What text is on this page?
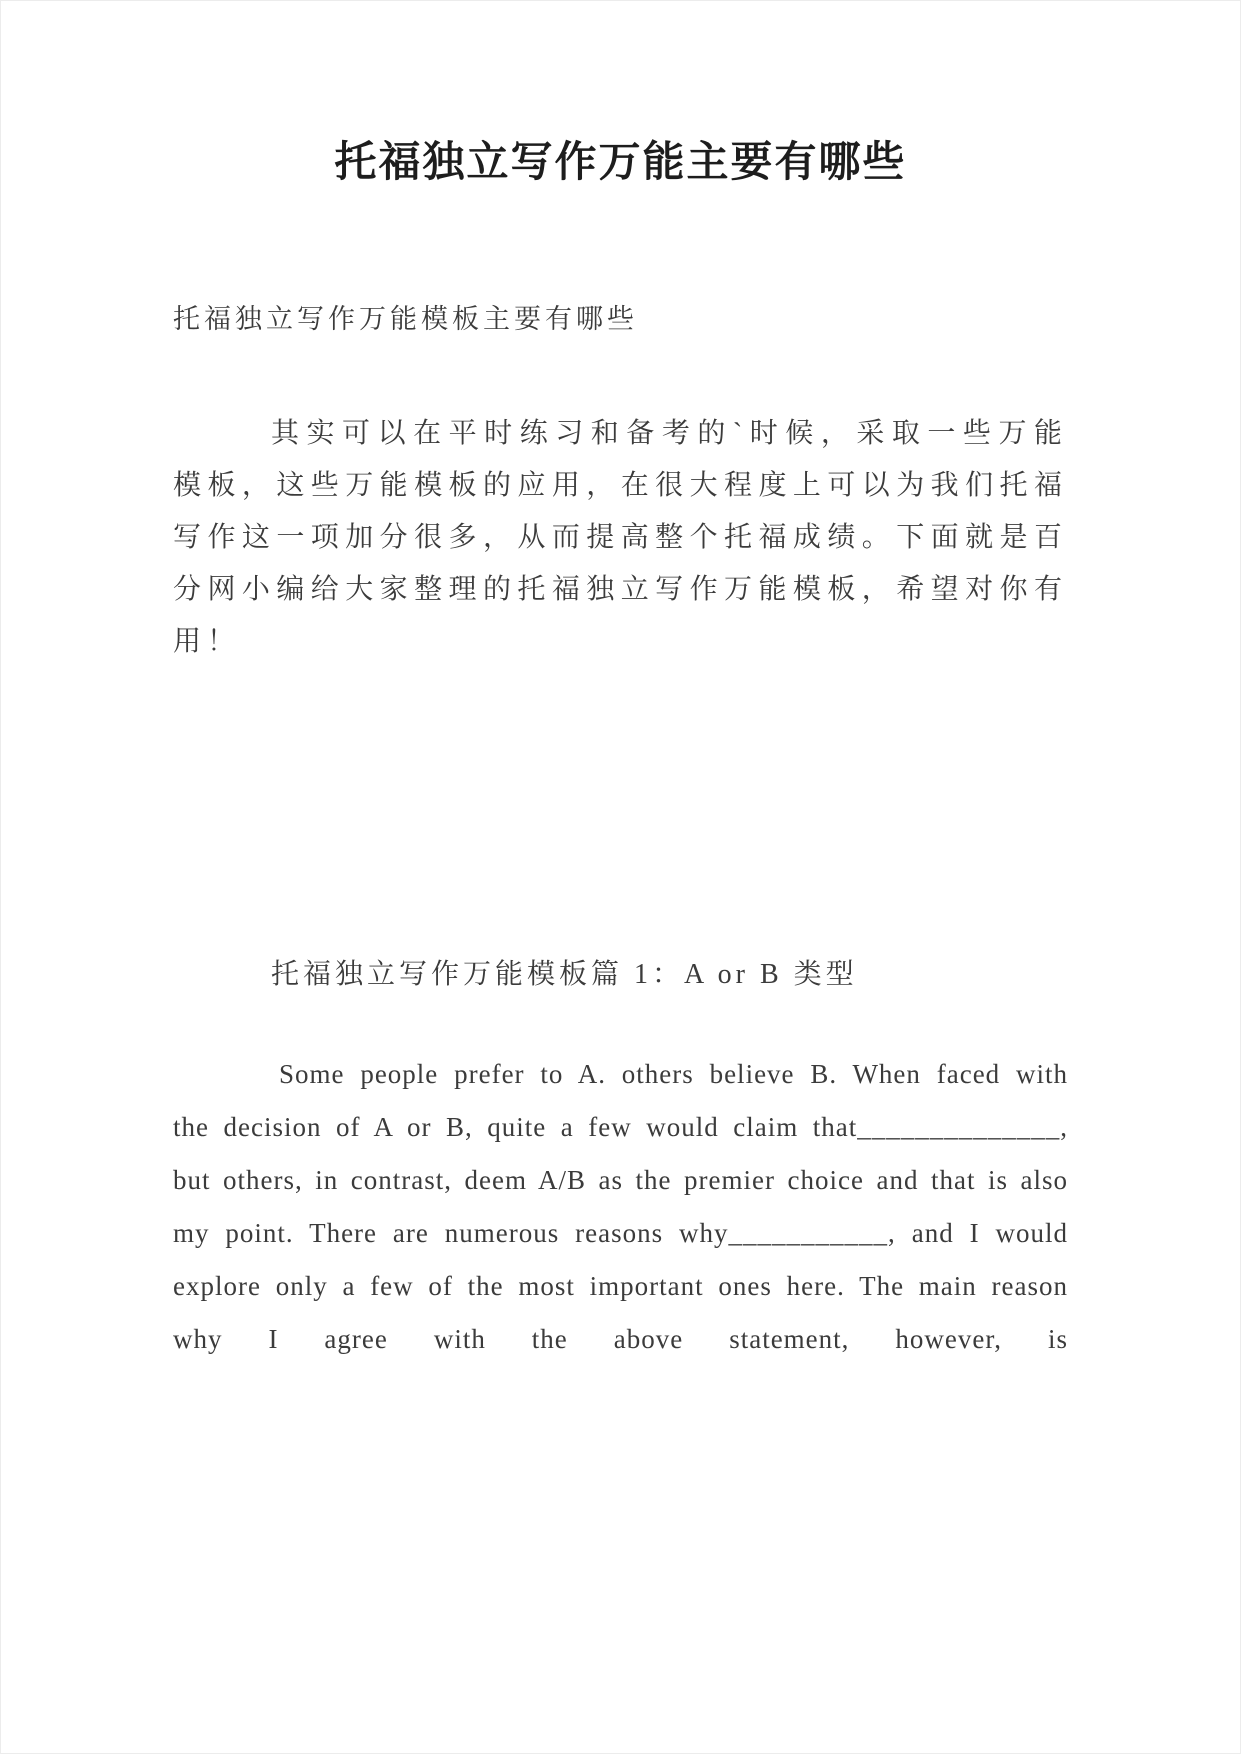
托福独立写作万能主要有哪些

托福独立写作万能模板主要有哪些

其实可以在平时练习和备考的`时候，采取一些万能模板，这些万能模板的应用，在很大程度上可以为我们托福写作这一项加分很多，从而提高整个托福成绩。下面就是百分网小编给大家整理的托福独立写作万能模板，希望对你有用！

托福独立写作万能模板篇 1：A or B 类型

Some people prefer to A. others believe B. When faced with the decision of A or B, quite a few would claim that______________, but others, in contrast, deem A/B as the premier choice and that is also my point. There are numerous reasons why___________, and I would explore only a few of the most important ones here. The main reason why I agree with the above statement, however, is
